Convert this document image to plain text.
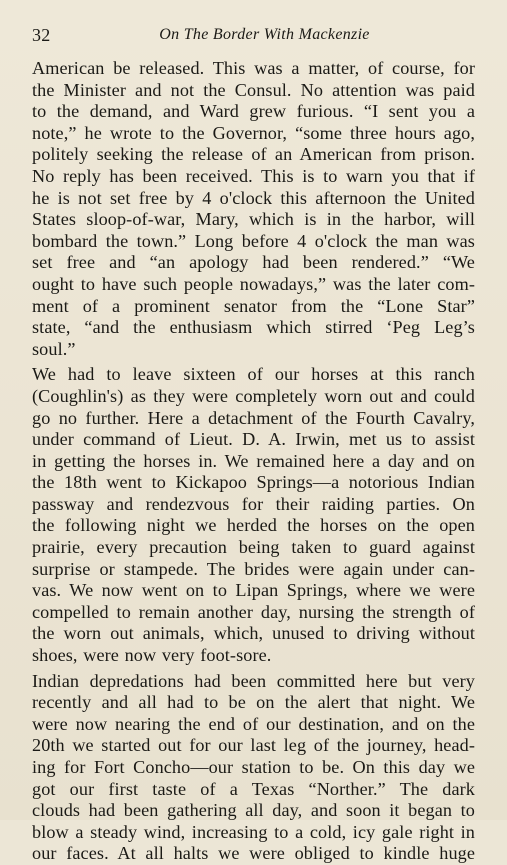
32	On The Border With Mackenzie
American be released. This was a matter, of course, for
the Minister and not the Consul. No attention was paid
to the demand, and Ward grew furious. “I sent you a
note,” he wrote to the Governor, “some three hours ago,
politely seeking the release of an American from prison.
No reply has been received. This is to warn you that if
he is not set free by 4 o'clock this afternoon the United
States sloop-of-war, Mary, which is in the harbor, will
bombard the town.” Long before 4 o'clock the man was
set free and “an apology had been rendered.” “We
ought to have such people nowadays,” was the later com-
ment of a prominent senator from the “Lone Star”
state, “and the enthusiasm which stirred ‘Peg Leg’s
soul.”
We had to leave sixteen of our horses at this ranch
(Coughlin's) as they were completely worn out and could
go no further. Here a detachment of the Fourth Cavalry,
under command of Lieut. D. A. Irwin, met us to assist
in getting the horses in. We remained here a day and on
the 18th went to Kickapoo Springs—a notorious Indian
passway and rendezvous for their raiding parties. On
the following night we herded the horses on the open
prairie, every precaution being taken to guard against
surprise or stampede. The brides were again under can-
vas. We now went on to Lipan Springs, where we were
compelled to remain another day, nursing the strength of
the worn out animals, which, unused to driving without
shoes, were now very foot-sore.
Indian depredations had been committed here but very
recently and all had to be on the alert that night. We
were now nearing the end of our destination, and on the
20th we started out for our last leg of the journey, head-
ing for Fort Concho—our station to be. On this day we
got our first taste of a Texas “Norther.” The dark
clouds had been gathering all day, and soon it began to
blow a steady wind, increasing to a cold, icy gale right in
our faces. At all halts we were obliged to kindle huge
